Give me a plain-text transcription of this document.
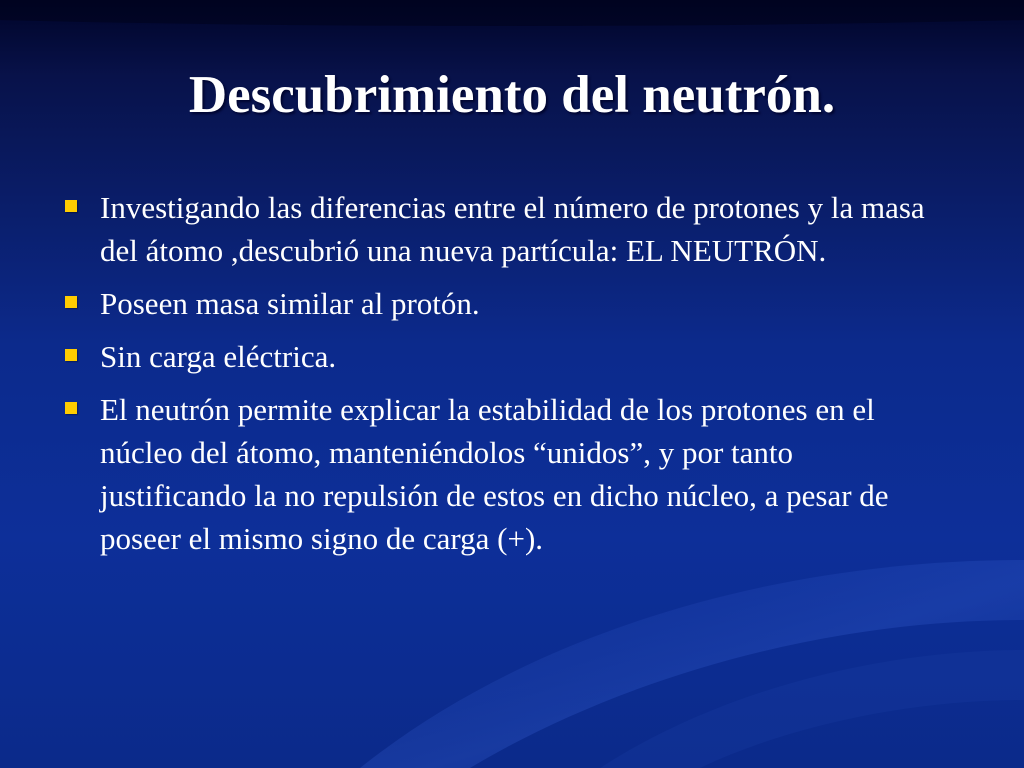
Descubrimiento del neutrón.
Investigando las diferencias entre el número de protones y la masa del átomo ,descubrió una nueva partícula: EL NEUTRÓN.
Poseen masa similar al protón.
Sin carga eléctrica.
El neutrón permite explicar la estabilidad de los protones en el núcleo del átomo, manteniéndolos “unidos”, y por tanto justificando la no repulsión de estos en dicho núcleo, a pesar de poseer el mismo signo de carga (+).
